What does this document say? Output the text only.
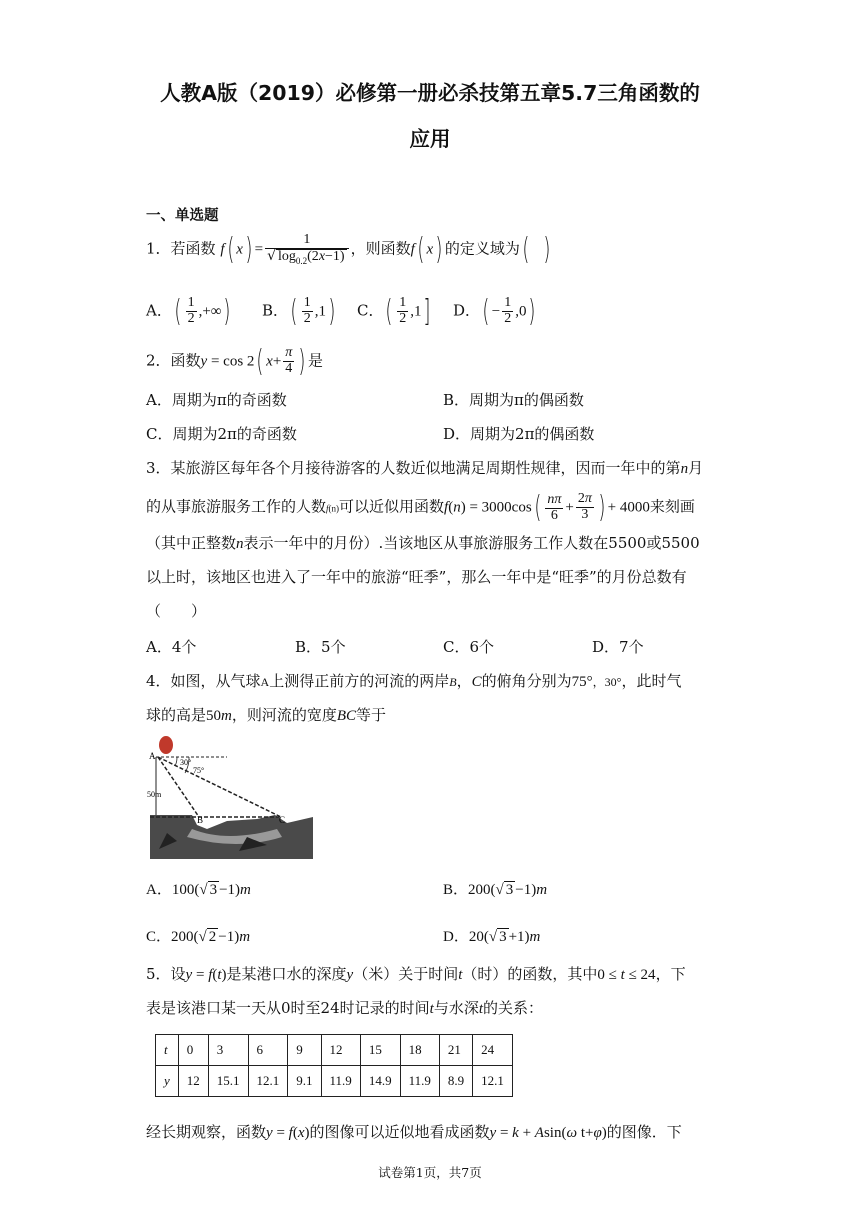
人教A版（2019）必修第一册必杀技第五章5.7三角函数的
应用
一、单选题
1．若函数 f( $x) = \frac{1}{√ \log_{0.2}(2x-1)}$ ，则函数f( x) 的定义域为( )
A．( $\frac{1}{2}$ ,+∞) B．( $\frac{1}{2} ,1$) C．( $\frac{1}{2} ,1$] D．( − $\frac{1}{2} ,0$)
2．函数y = cos 2( $x+ \frac{\pi}{4}$ ) 是
A．周期为π的奇函数	B．周期为π的偶函数
C．周期为2π的奇函数	D．周期为2π的偶函数
3．某旅游区每年各个月接待游客的人数近似地满足周期性规律，因而一年中的第n月
的从事旅游服务工作的人数f(n)可以近似用函数$f(n) = 3000\cos( \frac{n\pi}{6} + \frac{2\pi}{3}$ ) + 4000来刻画
（其中正整数n表示一年中的月份）.当该地区从事旅游服务工作人数在5500或5500
以上时，该地区也进入了一年中的旅游“旺季”，那么一年中是“旺季”的月份总数有
（　　）
A．4个	B．5个	C．6个	D．7个
4．如图，从气球A上测得正前方的河流的两岸B，C的俯角分别为75°，30°，此时气
球的高是50m，则河流的宽度BC等于
A
30°
75°
50m
B	C
A．100(√ 3 −1)m	B．200(√ 3 −1)m
C．200(√ 2 −1)m	D．20(√ 3 +1)m
5．设y = f(t)是某港口水的深度y（米）关于时间t（时）的函数，其中0 ≤ t ≤ 24，下
表是该港口某一天从0时至24时记录的时间t与水深t的关系：
t	0	3	6	9	12	15	18	21	24
y	12	15.1	12.1	9.1	11.9	14.9	11.9	8.9	12.1
经长期观察，函数y = f(x)的图像可以近似地看成函数y = k + Asin(ω t+φ)的图像．下
试卷第1页，共7页
